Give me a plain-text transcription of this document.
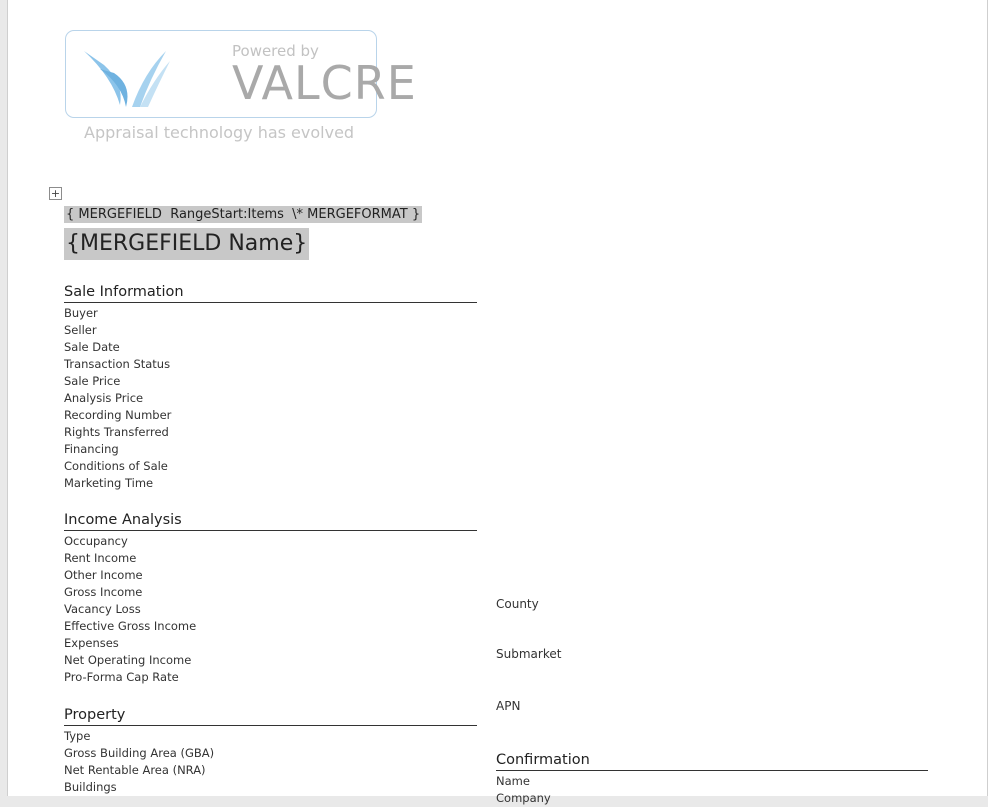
Powered by
VALCRE
Appraisal technology has evolved
+
{ MERGEFIELD  RangeStart:Items  \* MERGEFORMAT }
{MERGEFIELD Name}
Sale Information
Buyer
Seller
Sale Date
Transaction Status
Sale Price
Analysis Price
Recording Number
Rights Transferred
Financing
Conditions of Sale
Marketing Time
Income Analysis
Occupancy
Rent Income
Other Income
Gross Income
Vacancy Loss
Effective Gross Income
Expenses
Net Operating Income
Pro-Forma Cap Rate
Property
Type
Gross Building Area (GBA)
Net Rentable Area (NRA)
Buildings
County
Submarket
APN
Confirmation
Name
Company
